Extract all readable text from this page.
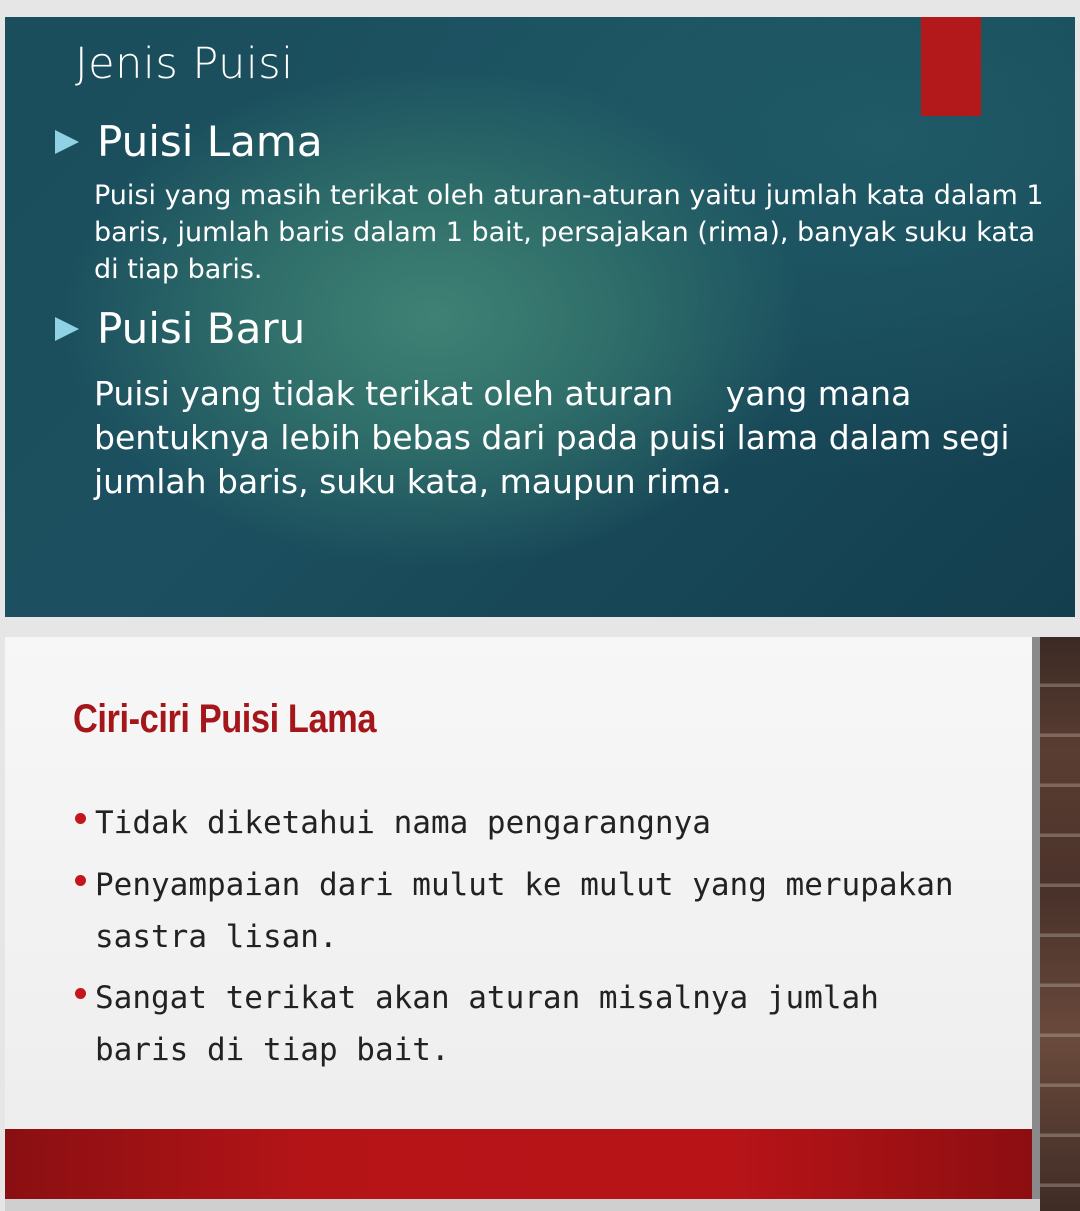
Jenis Puisi
Puisi Lama
Puisi yang masih terikat oleh aturan-aturan yaitu jumlah kata dalam 1 baris, jumlah baris dalam 1 bait, persajakan (rima), banyak suku kata di tiap baris.
Puisi Baru
Puisi yang tidak terikat oleh aturan     yang mana bentuknya lebih bebas dari pada puisi lama dalam segi jumlah baris, suku kata, maupun rima.
Ciri-ciri Puisi Lama
Tidak diketahui nama pengarangnya
Penyampaian dari mulut ke mulut yang merupakan sastra lisan.
Sangat terikat akan aturan misalnya jumlah baris di tiap bait.
